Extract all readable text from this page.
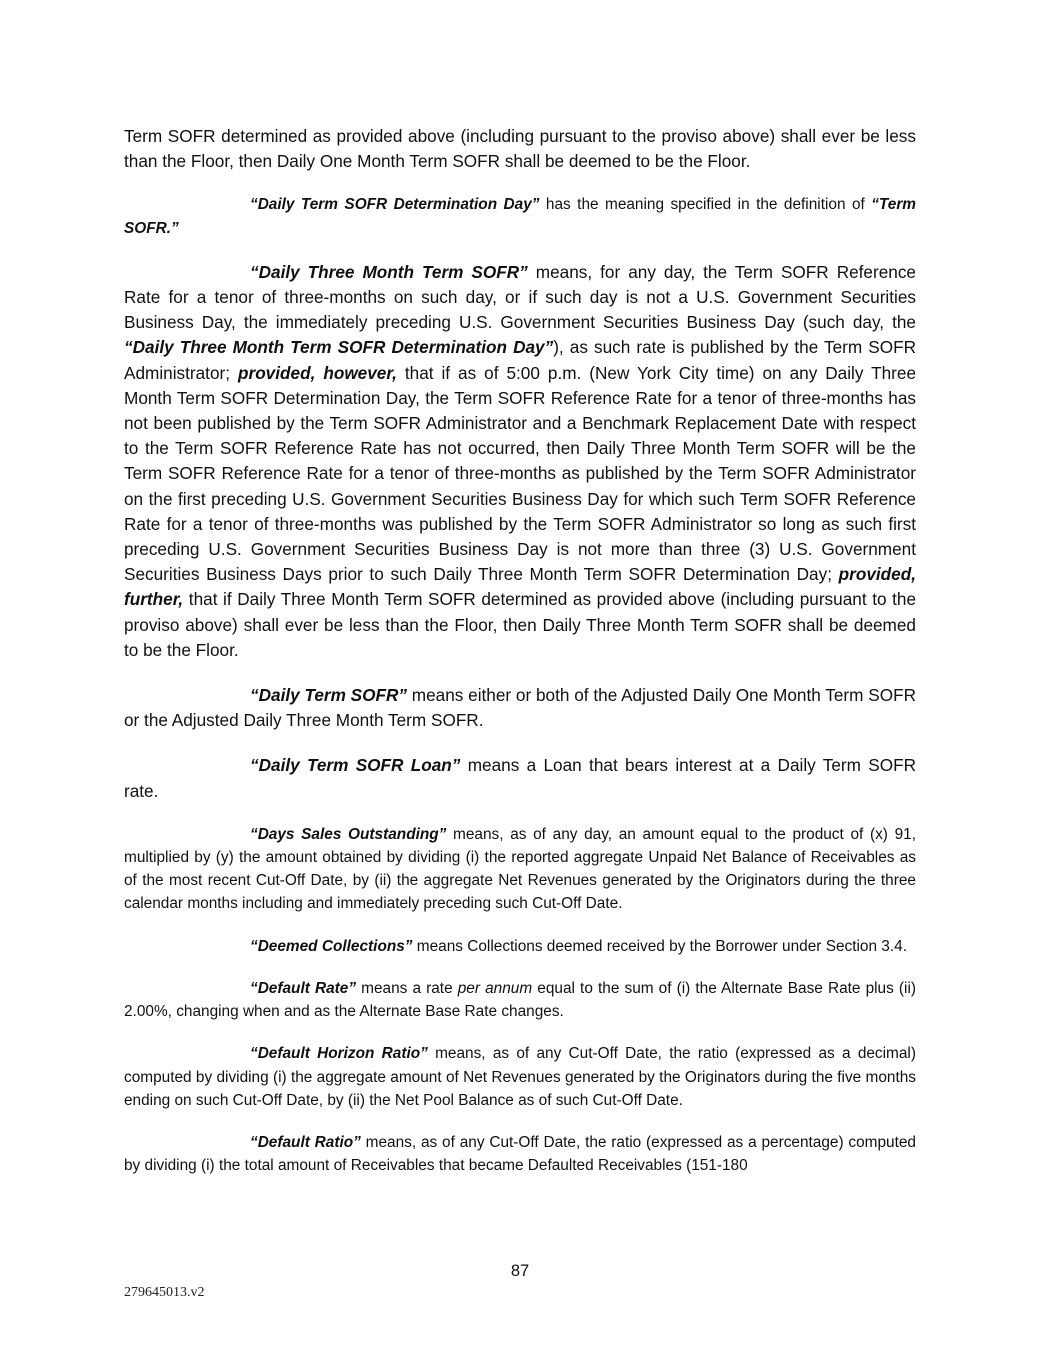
Term SOFR determined as provided above (including pursuant to the proviso above) shall ever be less than the Floor, then Daily One Month Term SOFR shall be deemed to be the Floor.

“Daily Term SOFR Determination Day” has the meaning specified in the definition of “Term SOFR.”

“Daily Three Month Term SOFR” means, for any day, the Term SOFR Reference Rate for a tenor of three-months on such day, or if such day is not a U.S. Government Securities Business Day, the immediately preceding U.S. Government Securities Business Day (such day, the “Daily Three Month Term SOFR Determination Day”), as such rate is published by the Term SOFR Administrator; provided, however, that if as of 5:00 p.m. (New York City time) on any Daily Three Month Term SOFR Determination Day, the Term SOFR Reference Rate for a tenor of three-months has not been published by the Term SOFR Administrator and a Benchmark Replacement Date with respect to the Term SOFR Reference Rate has not occurred, then Daily Three Month Term SOFR will be the Term SOFR Reference Rate for a tenor of three-months as published by the Term SOFR Administrator on the first preceding U.S. Government Securities Business Day for which such Term SOFR Reference Rate for a tenor of three-months was published by the Term SOFR Administrator so long as such first preceding U.S. Government Securities Business Day is not more than three (3) U.S. Government Securities Business Days prior to such Daily Three Month Term SOFR Determination Day; provided, further, that if Daily Three Month Term SOFR determined as provided above (including pursuant to the proviso above) shall ever be less than the Floor, then Daily Three Month Term SOFR shall be deemed to be the Floor.

“Daily Term SOFR” means either or both of the Adjusted Daily One Month Term SOFR or the Adjusted Daily Three Month Term SOFR.

“Daily Term SOFR Loan” means a Loan that bears interest at a Daily Term SOFR rate.

“Days Sales Outstanding” means, as of any day, an amount equal to the product of (x) 91, multiplied by (y) the amount obtained by dividing (i) the reported aggregate Unpaid Net Balance of Receivables as of the most recent Cut-Off Date, by (ii) the aggregate Net Revenues generated by the Originators during the three calendar months including and immediately preceding such Cut-Off Date.

“Deemed Collections” means Collections deemed received by the Borrower under Section 3.4.

“Default Rate” means a rate per annum equal to the sum of (i) the Alternate Base Rate plus (ii) 2.00%, changing when and as the Alternate Base Rate changes.

“Default Horizon Ratio” means, as of any Cut-Off Date, the ratio (expressed as a decimal) computed by dividing (i) the aggregate amount of Net Revenues generated by the Originators during the five months ending on such Cut-Off Date, by (ii) the Net Pool Balance as of such Cut-Off Date.

“Default Ratio” means, as of any Cut-Off Date, the ratio (expressed as a percentage) computed by dividing (i) the total amount of Receivables that became Defaulted Receivables (151-180

87
279645013.v2
